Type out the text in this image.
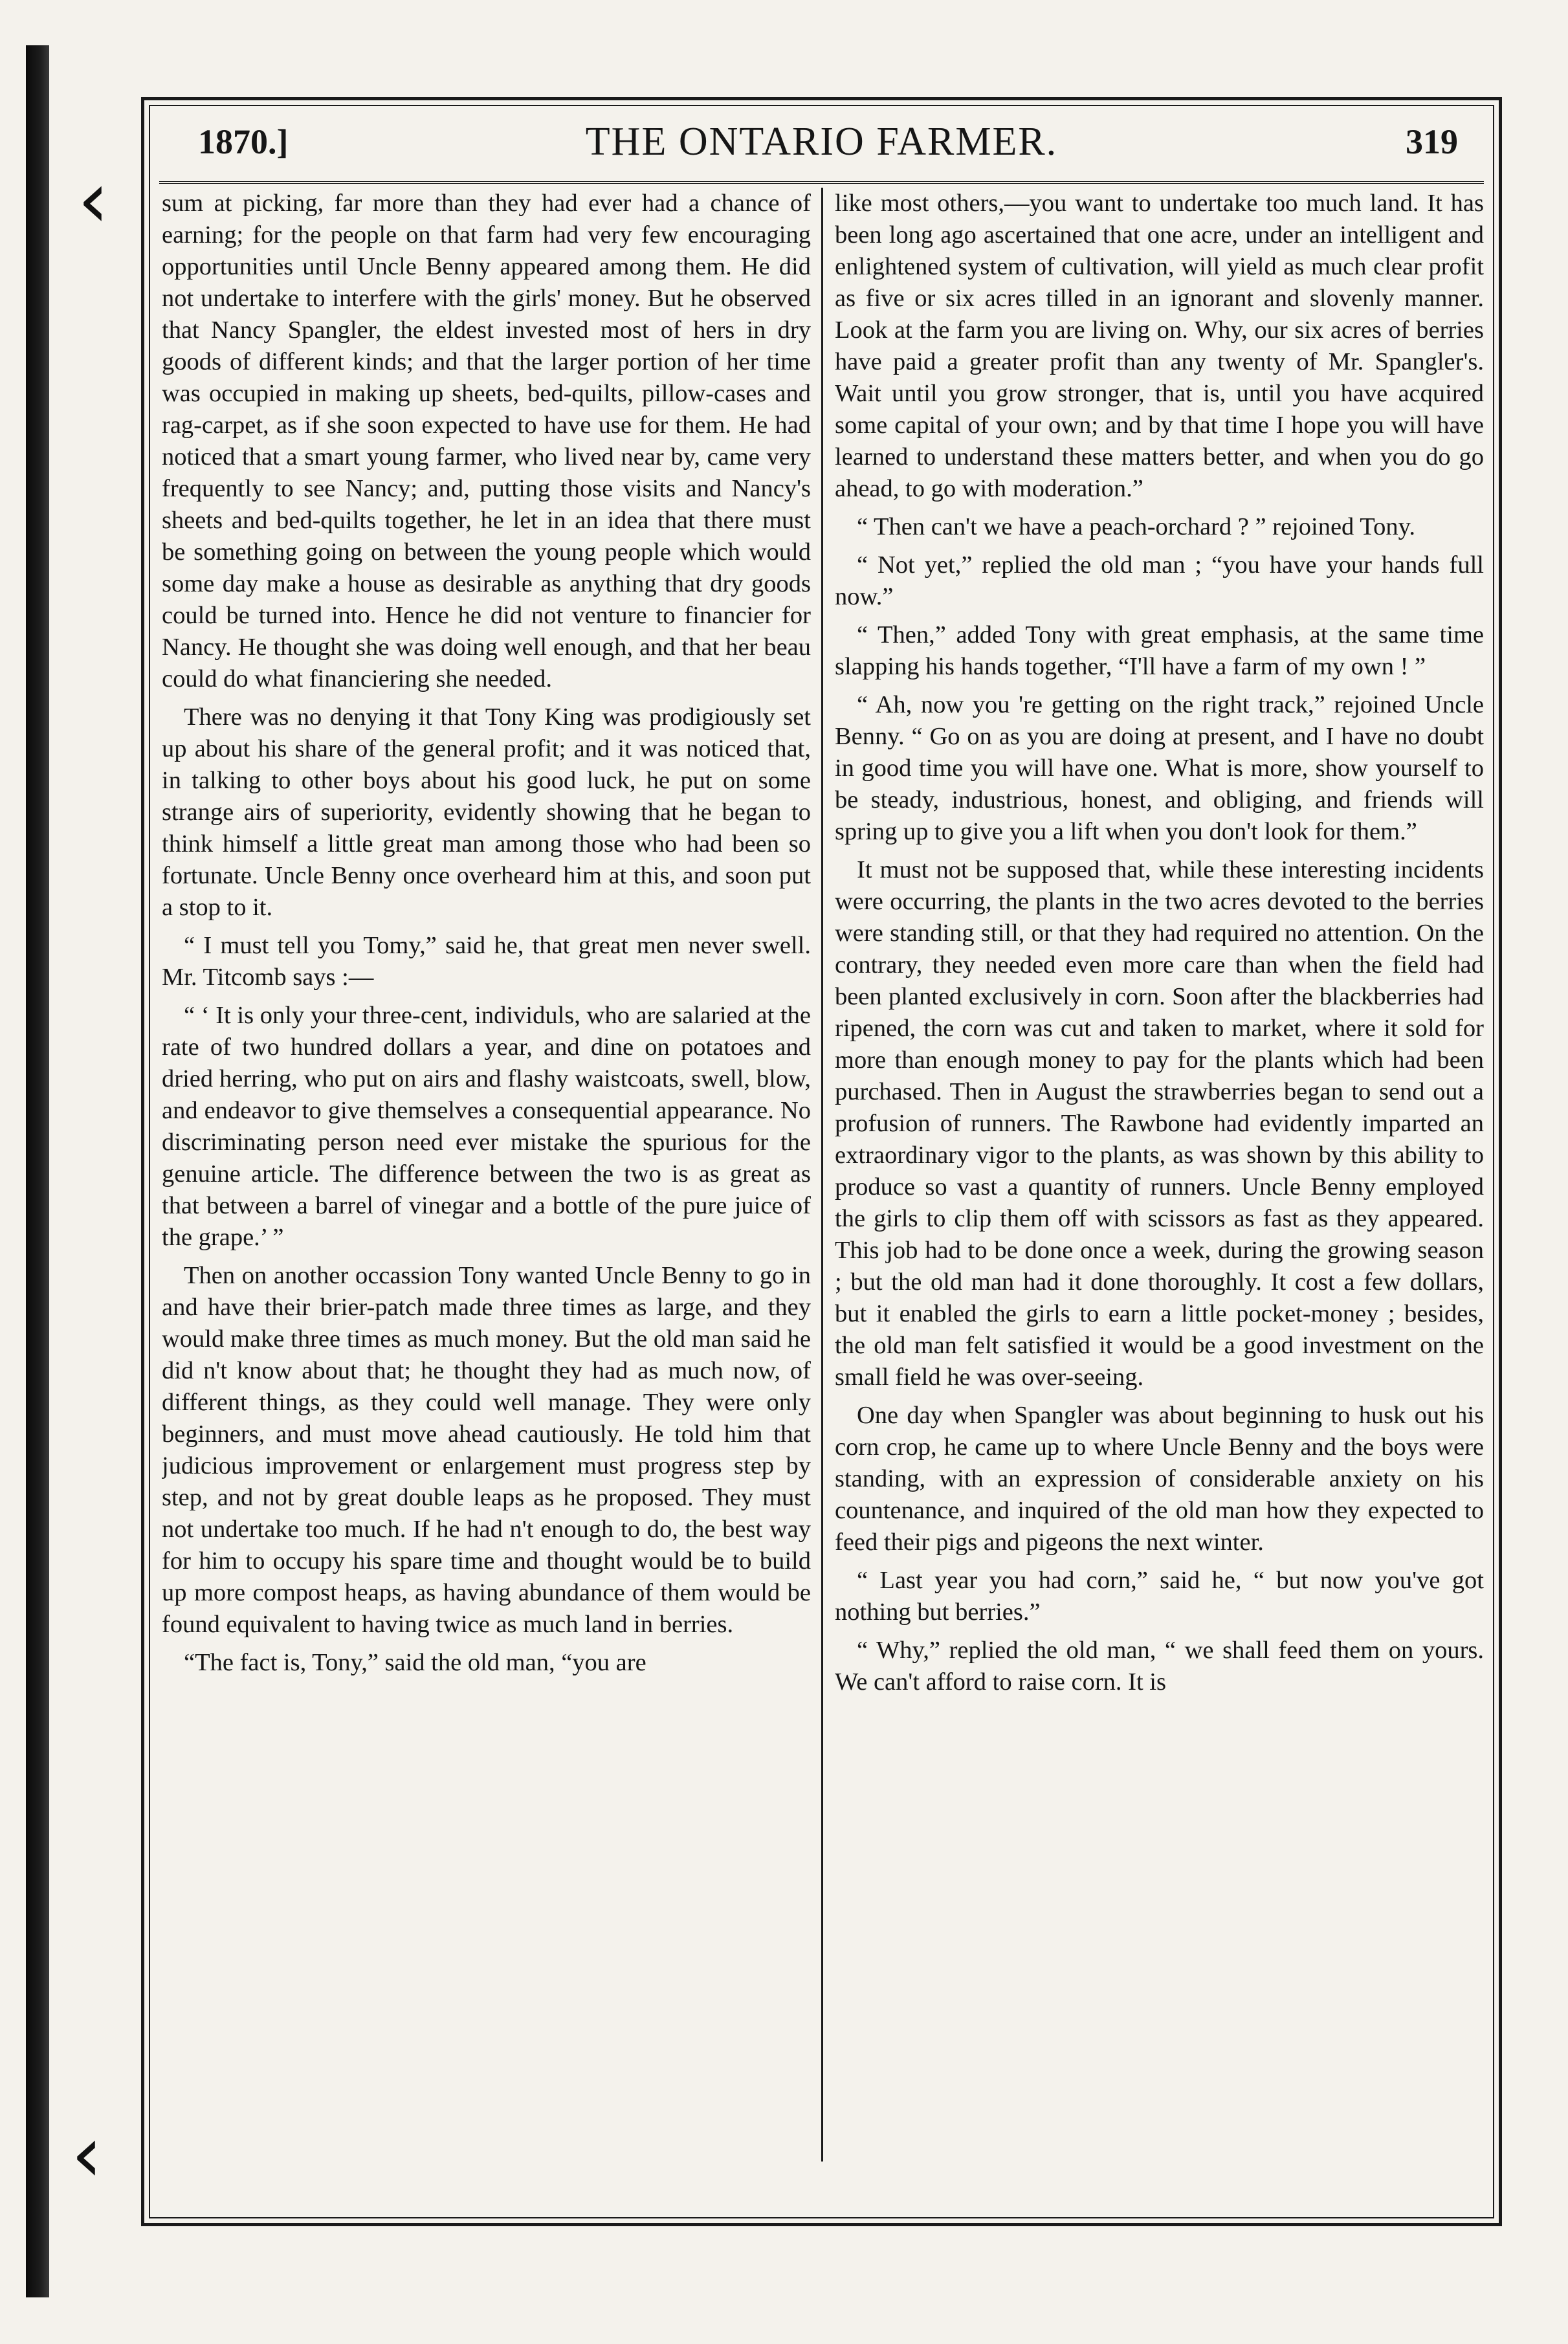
‹
‹
1870.]	THE ONTARIO FARMER.	319

sum at picking, far more than they had ever had a chance of earning; for the people on that farm had very few encouraging opportunities until Uncle Benny appeared among them. He did not undertake to interfere with the girls' money. But he observed that Nancy Spangler, the eldest invested most of hers in dry goods of different kinds; and that the larger portion of her time was occupied in making up sheets, bed-quilts, pillow-cases and rag-carpet, as if she soon expected to have use for them. He had noticed that a smart young farmer, who lived near by, came very frequently to see Nancy; and, putting those visits and Nancy's sheets and bed-quilts together, he let in an idea that there must be something going on between the young people which would some day make a house as desirable as anything that dry goods could be turned into. Hence he did not venture to financier for Nancy. He thought she was doing well enough, and that her beau could do what financiering she needed.

There was no denying it that Tony King was prodigiously set up about his share of the general profit; and it was noticed that, in talking to other boys about his good luck, he put on some strange airs of superiority, evidently showing that he began to think himself a little great man among those who had been so fortunate. Uncle Benny once overheard him at this, and soon put a stop to it.

“ I must tell you Tomy,” said he, that great men never swell. Mr. Titcomb says :—

“ ‘ It is only your three-cent, individuls, who are salaried at the rate of two hundred dollars a year, and dine on potatoes and dried herring, who put on airs and flashy waistcoats, swell, blow, and endeavor to give themselves a consequential appearance. No discriminating person need ever mistake the spurious for the genuine article. The difference between the two is as great as that between a barrel of vinegar and a bottle of the pure juice of the grape.’ ”

Then on another occassion Tony wanted Uncle Benny to go in and have their brier-patch made three times as large, and they would make three times as much money. But the old man said he did n't know about that; he thought they had as much now, of different things, as they could well manage. They were only beginners, and must move ahead cautiously. He told him that judicious improvement or enlargement must progress step by step, and not by great double leaps as he proposed. They must not undertake too much. If he had n't enough to do, the best way for him to occupy his spare time and thought would be to build up more compost heaps, as having abundance of them would be found equivalent to having twice as much land in berries.

“The fact is, Tony,” said the old man, “you are

like most others,—you want to undertake too much land. It has been long ago ascertained that one acre, under an intelligent and enlightened system of cultivation, will yield as much clear profit as five or six acres tilled in an ignorant and slovenly manner. Look at the farm you are living on. Why, our six acres of berries have paid a greater profit than any twenty of Mr. Spangler's. Wait until you grow stronger, that is, until you have acquired some capital of your own; and by that time I hope you will have learned to understand these matters better, and when you do go ahead, to go with moderation.”

“ Then can't we have a peach-orchard ? ” rejoined Tony.

“ Not yet,” replied the old man ; “you have your hands full now.”

“ Then,” added Tony with great emphasis, at the same time slapping his hands together, “I'll have a farm of my own ! ”

“ Ah, now you 're getting on the right track,” rejoined Uncle Benny. “ Go on as you are doing at present, and I have no doubt in good time you will have one. What is more, show yourself to be steady, industrious, honest, and obliging, and friends will spring up to give you a lift when you don't look for them.”

It must not be supposed that, while these interesting incidents were occurring, the plants in the two acres devoted to the berries were standing still, or that they had required no attention. On the contrary, they needed even more care than when the field had been planted exclusively in corn. Soon after the blackberries had ripened, the corn was cut and taken to market, where it sold for more than enough money to pay for the plants which had been purchased. Then in August the strawberries began to send out a profusion of runners. The Rawbone had evidently imparted an extraordinary vigor to the plants, as was shown by this ability to produce so vast a quantity of runners. Uncle Benny employed the girls to clip them off with scissors as fast as they appeared. This job had to be done once a week, during the growing season ; but the old man had it done thoroughly. It cost a few dollars, but it enabled the girls to earn a little pocket-money ; besides, the old man felt satisfied it would be a good investment on the small field he was over-seeing.

One day when Spangler was about beginning to husk out his corn crop, he came up to where Uncle Benny and the boys were standing, with an expression of considerable anxiety on his countenance, and inquired of the old man how they expected to feed their pigs and pigeons the next winter.

“ Last year you had corn,” said he, “ but now you've got nothing but berries.”

“ Why,” replied the old man, “ we shall feed them on yours. We can't afford to raise corn. It is
